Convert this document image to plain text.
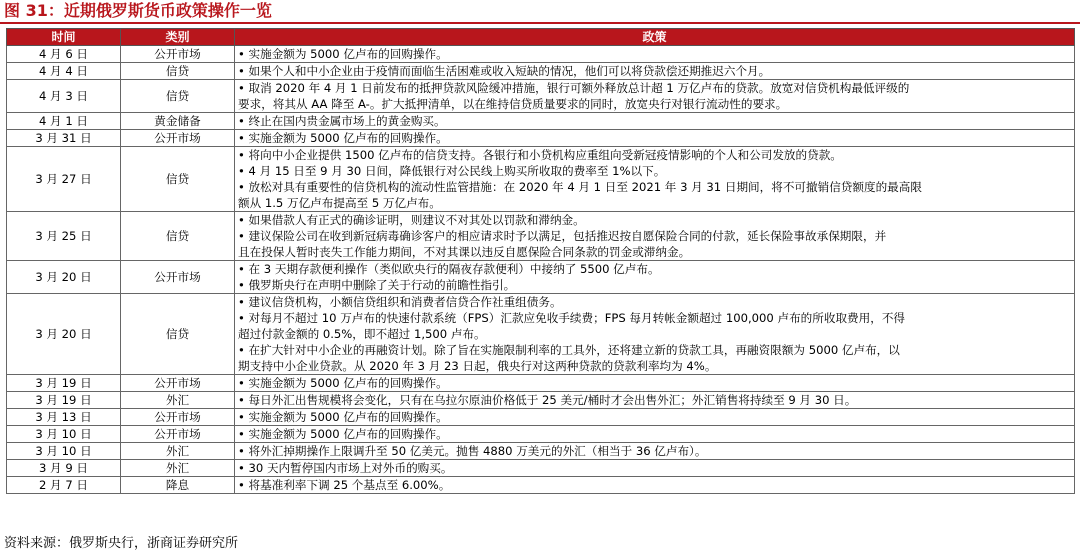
图 31：近期俄罗斯货币政策操作一览
时间	类别	政策
4 月 6 日	公开市场	• 实施金额为 5000 亿卢布的回购操作。

4 月 4 日	信贷	• 如果个人和中小企业由于疫情而面临生活困难或收入短缺的情况，他们可以将贷款偿还期推迟六个月。

4 月 3 日	信贷	• 取消 2020 年 4 月 1 日前发布的抵押贷款风险缓冲措施，银行可额外释放总计超 1 万亿卢布的贷款。放宽对信贷机构最低评级的
要求，将其从 AA 降至 A-。扩大抵押清单，以在维持信贷质量要求的同时，放宽央行对银行流动性的要求。

4 月 1 日	黄金储备	• 终止在国内贵金属市场上的黄金购买。

3 月 31 日	公开市场	• 实施金额为 5000 亿卢布的回购操作。

3 月 27 日	信贷	• 将向中小企业提供 1500 亿卢布的信贷支持。各银行和小贷机构应重组向受新冠疫情影响的个人和公司发放的贷款。
• 4 月 15 日至 9 月 30 日间，降低银行对公民线上购买所收取的费率至 1%以下。
• 放松对具有重要性的信贷机构的流动性监管措施：在 2020 年 4 月 1 日至 2021 年 3 月 31 日期间，将不可撤销信贷额度的最高限
额从 1.5 万亿卢布提高至 5 万亿卢布。

3 月 25 日	信贷	• 如果借款人有正式的确诊证明，则建议不对其处以罚款和滞纳金。
• 建议保险公司在收到新冠病毒确诊客户的相应请求时予以满足，包括推迟按自愿保险合同的付款，延长保险事故承保期限，并
且在投保人暂时丧失工作能力期间，不对其课以违反自愿保险合同条款的罚金或滞纳金。

3 月 20 日	公开市场	• 在 3 天期存款便利操作（类似欧央行的隔夜存款便利）中接纳了 5500 亿卢布。
• 俄罗斯央行在声明中删除了关于行动的前瞻性指引。

3 月 20 日	信贷	• 建议信贷机构，小额信贷组织和消费者信贷合作社重组债务。
• 对每月不超过 10 万卢布的快速付款系统（FPS）汇款应免收手续费；FPS 每月转帐金额超过 100,000 卢布的所收取费用，不得
超过付款金额的 0.5%，即不超过 1,500 卢布。
• 在扩大针对中小企业的再融资计划。除了旨在实施限制利率的工具外，还将建立新的贷款工具，再融资限额为 5000 亿卢布，以
期支持中小企业贷款。从 2020 年 3 月 23 日起，俄央行对这两种贷款的贷款利率均为 4%。

3 月 19 日	公开市场	• 实施金额为 5000 亿卢布的回购操作。

3 月 19 日	外汇	• 每日外汇出售规模将会变化，只有在乌拉尔原油价格低于 25 美元/桶时才会出售外汇；外汇销售将持续至 9 月 30 日。

3 月 13 日	公开市场	• 实施金额为 5000 亿卢布的回购操作。

3 月 10 日	公开市场	• 实施金额为 5000 亿卢布的回购操作。

3 月 10 日	外汇	• 将外汇掉期操作上限调升至 50 亿美元。抛售 4880 万美元的外汇（相当于 36 亿卢布）。

3 月 9 日	外汇	• 30 天内暂停国内市场上对外币的购买。

2 月 7 日	降息	• 将基准利率下调 25 个基点至 6.00%。
资料来源：俄罗斯央行，浙商证券研究所
